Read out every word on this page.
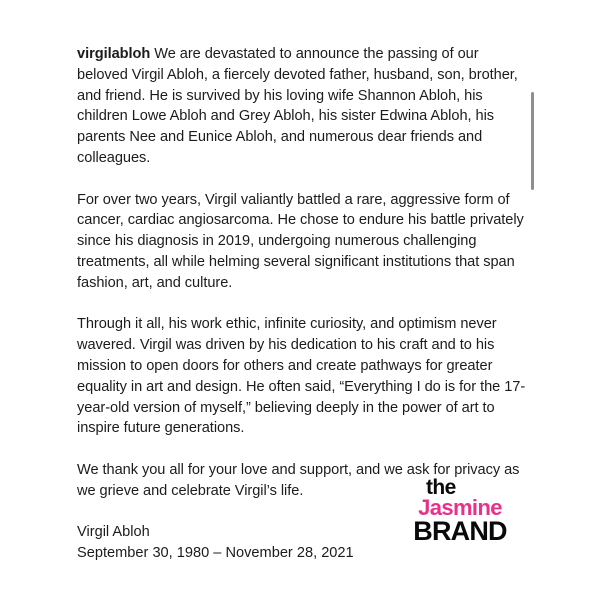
virgilabloh We are devastated to announce the passing of our beloved Virgil Abloh, a fiercely devoted father, husband, son, brother, and friend. He is survived by his loving wife Shannon Abloh, his children Lowe Abloh and Grey Abloh, his sister Edwina Abloh, his parents Nee and Eunice Abloh, and numerous dear friends and colleagues.

For over two years, Virgil valiantly battled a rare, aggressive form of cancer, cardiac angiosarcoma. He chose to endure his battle privately since his diagnosis in 2019, undergoing numerous challenging treatments, all while helming several significant institutions that span fashion, art, and culture.

Through it all, his work ethic, infinite curiosity, and optimism never wavered. Virgil was driven by his dedication to his craft and to his mission to open doors for others and create pathways for greater equality in art and design. He often said, “Everything I do is for the 17-year-old version of myself,” believing deeply in the power of art to inspire future generations.

We thank you all for your love and support, and we ask for privacy as we grieve and celebrate Virgil’s life.

Virgil Abloh
September 30, 1980 – November 28, 2021
the
Jasmine
BRAND
